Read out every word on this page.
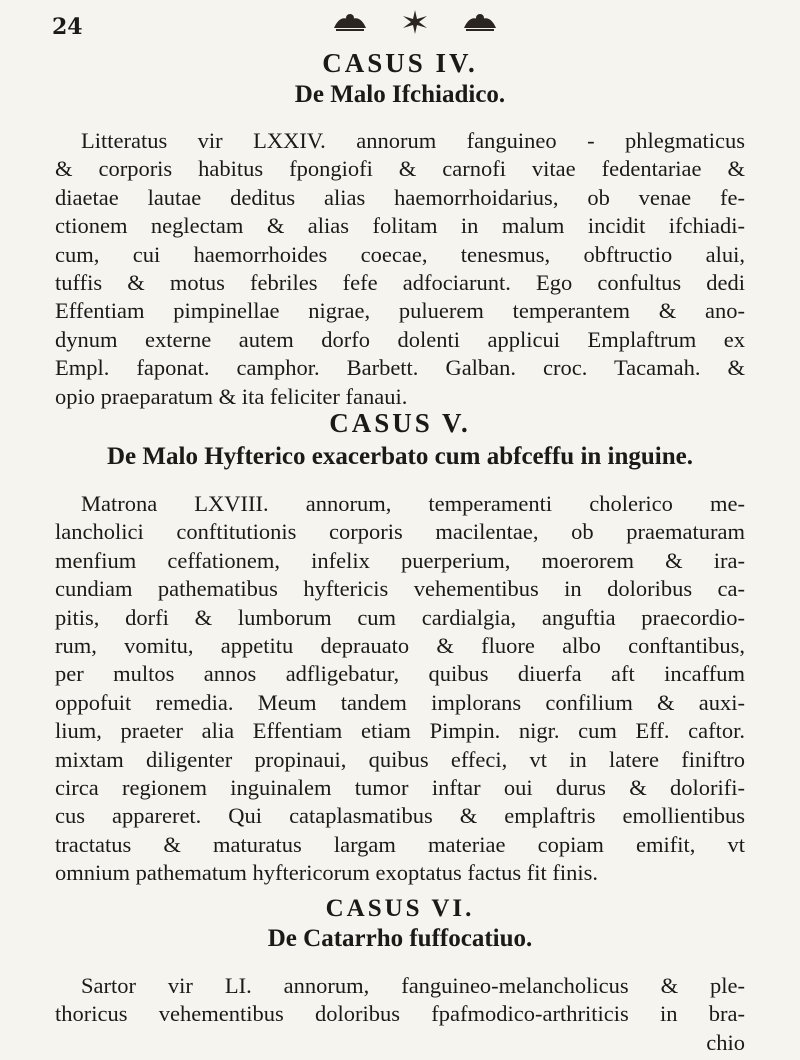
24
CASUS IV.
De Malo Ifchiadico.

Litteratus vir LXXIV. annorum fanguineo - phlegmaticus
& corporis habitus fpongiofi & carnofi vitae fedentariae &
diaetae lautae deditus alias haemorrhoidarius, ob venae fe-
ctionem neglectam & alias folitam in malum incidit ifchiadi-
cum, cui haemorrhoides coecae, tenesmus, obftructio alui,
tuffis & motus febriles fefe adfociarunt. Ego confultus dedi
Effentiam pimpinellae nigrae, puluerem temperantem & ano-
dynum externe autem dorfo dolenti applicui Emplaftrum ex
Empl. faponat. camphor. Barbett. Galban. croc. Tacamah. &
opio praeparatum & ita feliciter fanaui.

CASUS V.
De Malo Hyfterico exacerbato cum abfceffu in inguine.

Matrona LXVIII. annorum, temperamenti cholerico me-
lancholici conftitutionis corporis macilentae, ob praematuram
menfium ceffationem, infelix puerperium, moerorem & ira-
cundiam pathematibus hyftericis vehementibus in doloribus ca-
pitis, dorfi & lumborum cum cardialgia, anguftia praecordio-
rum, vomitu, appetitu deprauato & fluore albo conftantibus,
per multos annos adfligebatur, quibus diuerfa aft incaffum
oppofuit remedia. Meum tandem implorans confilium & auxi-
lium, praeter alia Effentiam etiam Pimpin. nigr. cum Eff. caftor.
mixtam diligenter propinaui, quibus effeci, vt in latere finiftro
circa regionem inguinalem tumor inftar oui durus & dolorifi-
cus appareret. Qui cataplasmatibus & emplaftris emollientibus
tractatus & maturatus largam materiae copiam emifit, vt
omnium pathematum hyftericorum exoptatus factus fit finis.

CASUS VI.
De Catarrho fuffocatiuo.

Sartor vir LI. annorum, fanguineo-melancholicus & ple-
thoricus vehementibus doloribus fpafmodico-arthriticis in bra-
chio
